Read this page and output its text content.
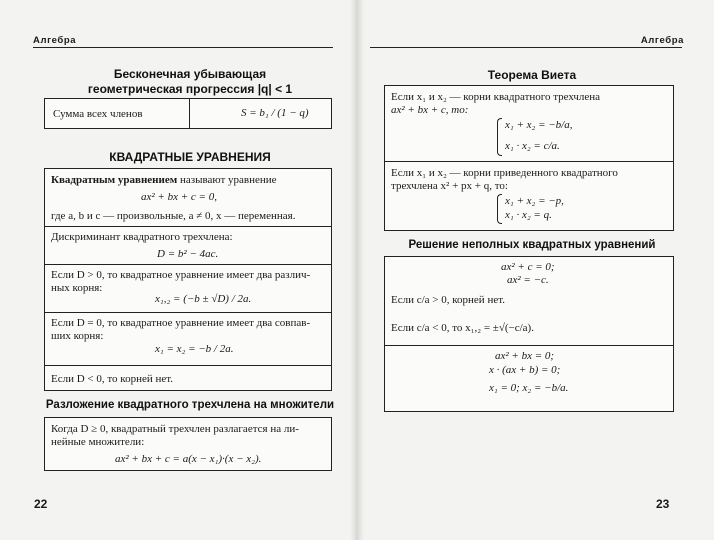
Алгебра
Бесконечная убывающая
геометрическая прогрессия |q| < 1
Сумма всех членов	S = b₁ / (1 − q)
КВАДРАТНЫЕ УРАВНЕНИЯ
Квадратным уравнением называют уравнение
ax² + bx + c = 0,
где a, b и c — произвольные, a ≠ 0, x — переменная.
Дискриминант квадратного трехчлена:
D = b² − 4ac.
Если D > 0, то квадратное уравнение имеет два различ-
ных корня:
x₁,₂ = (−b ± √D) / 2a.
Если D = 0, то квадратное уравнение имеет два совпав-
ших корня:
x₁ = x₂ = −b / 2a.
Если D < 0, то корней нет.
Разложение квадратного трехчлена на множители
Когда D ≥ 0, квадратный трехчлен разлагается на ли-
нейные множители:
ax² + bx + c = a(x − x₁)·(x − x₂).
22
Алгебра
Теорема Виета
Если x₁ и x₂ — корни квадратного трехчлена
ax² + bx + c, то:
x₁ + x₂ = −b/a,
x₁ · x₂ = c/a.
Если x₁ и x₂ — корни приведенного квадратного
трехчлена x² + px + q, то:
x₁ + x₂ = −p,
x₁ · x₂ = q.
Решение неполных квадратных уравнений
ax² + c = 0;
ax² = −c.
Если c/a > 0, корней нет.
Если c/a < 0, то x₁,₂ = ±√(−c/a).
ax² + bx = 0;
x · (ax + b) = 0;
x₁ = 0; x₂ = −b/a.
23
